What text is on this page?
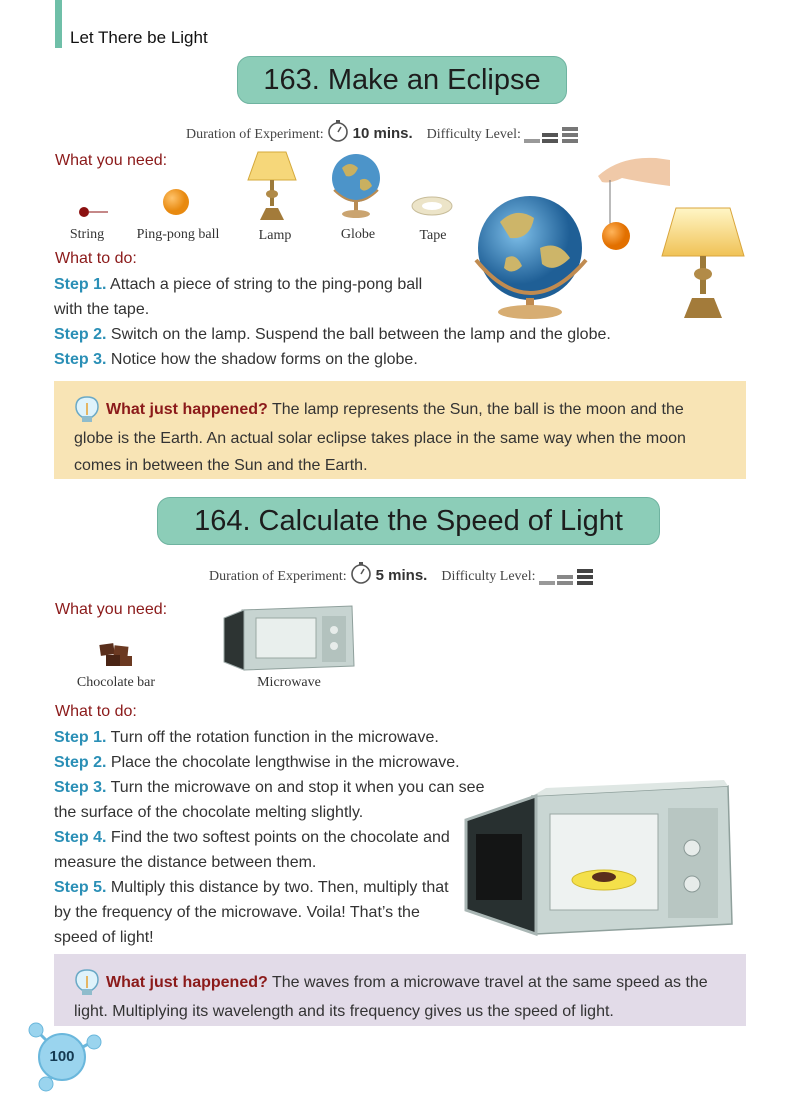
Let There be Light
163. Make an Eclipse
Duration of Experiment: 10 mins. Difficulty Level:
What you need:
String	Ping-pong ball	Lamp	Globe	Tape
What to do:
Step 1. Attach a piece of string to the ping-pong ball with the tape.
Step 2. Switch on the lamp. Suspend the ball between the lamp and the globe.
Step 3. Notice how the shadow forms on the globe.
What just happened? The lamp represents the Sun, the ball is the moon and the globe is the Earth. An actual solar eclipse takes place in the same way when the moon comes in between the Sun and the Earth.
164. Calculate the Speed of Light
Duration of Experiment: 5 mins. Difficulty Level:
What you need:
Chocolate bar	Microwave
What to do:
Step 1. Turn off the rotation function in the microwave.
Step 2. Place the chocolate lengthwise in the microwave.
Step 3. Turn the microwave on and stop it when you can see the surface of the chocolate melting slightly.
Step 4. Find the two softest points on the chocolate and measure the distance between them.
Step 5. Multiply this distance by two. Then, multiply that by the frequency of the microwave. Voila! That’s the speed of light!
What just happened? The waves from a microwave travel at the same speed as the light. Multiplying its wavelength and its frequency gives us the speed of light.
100
